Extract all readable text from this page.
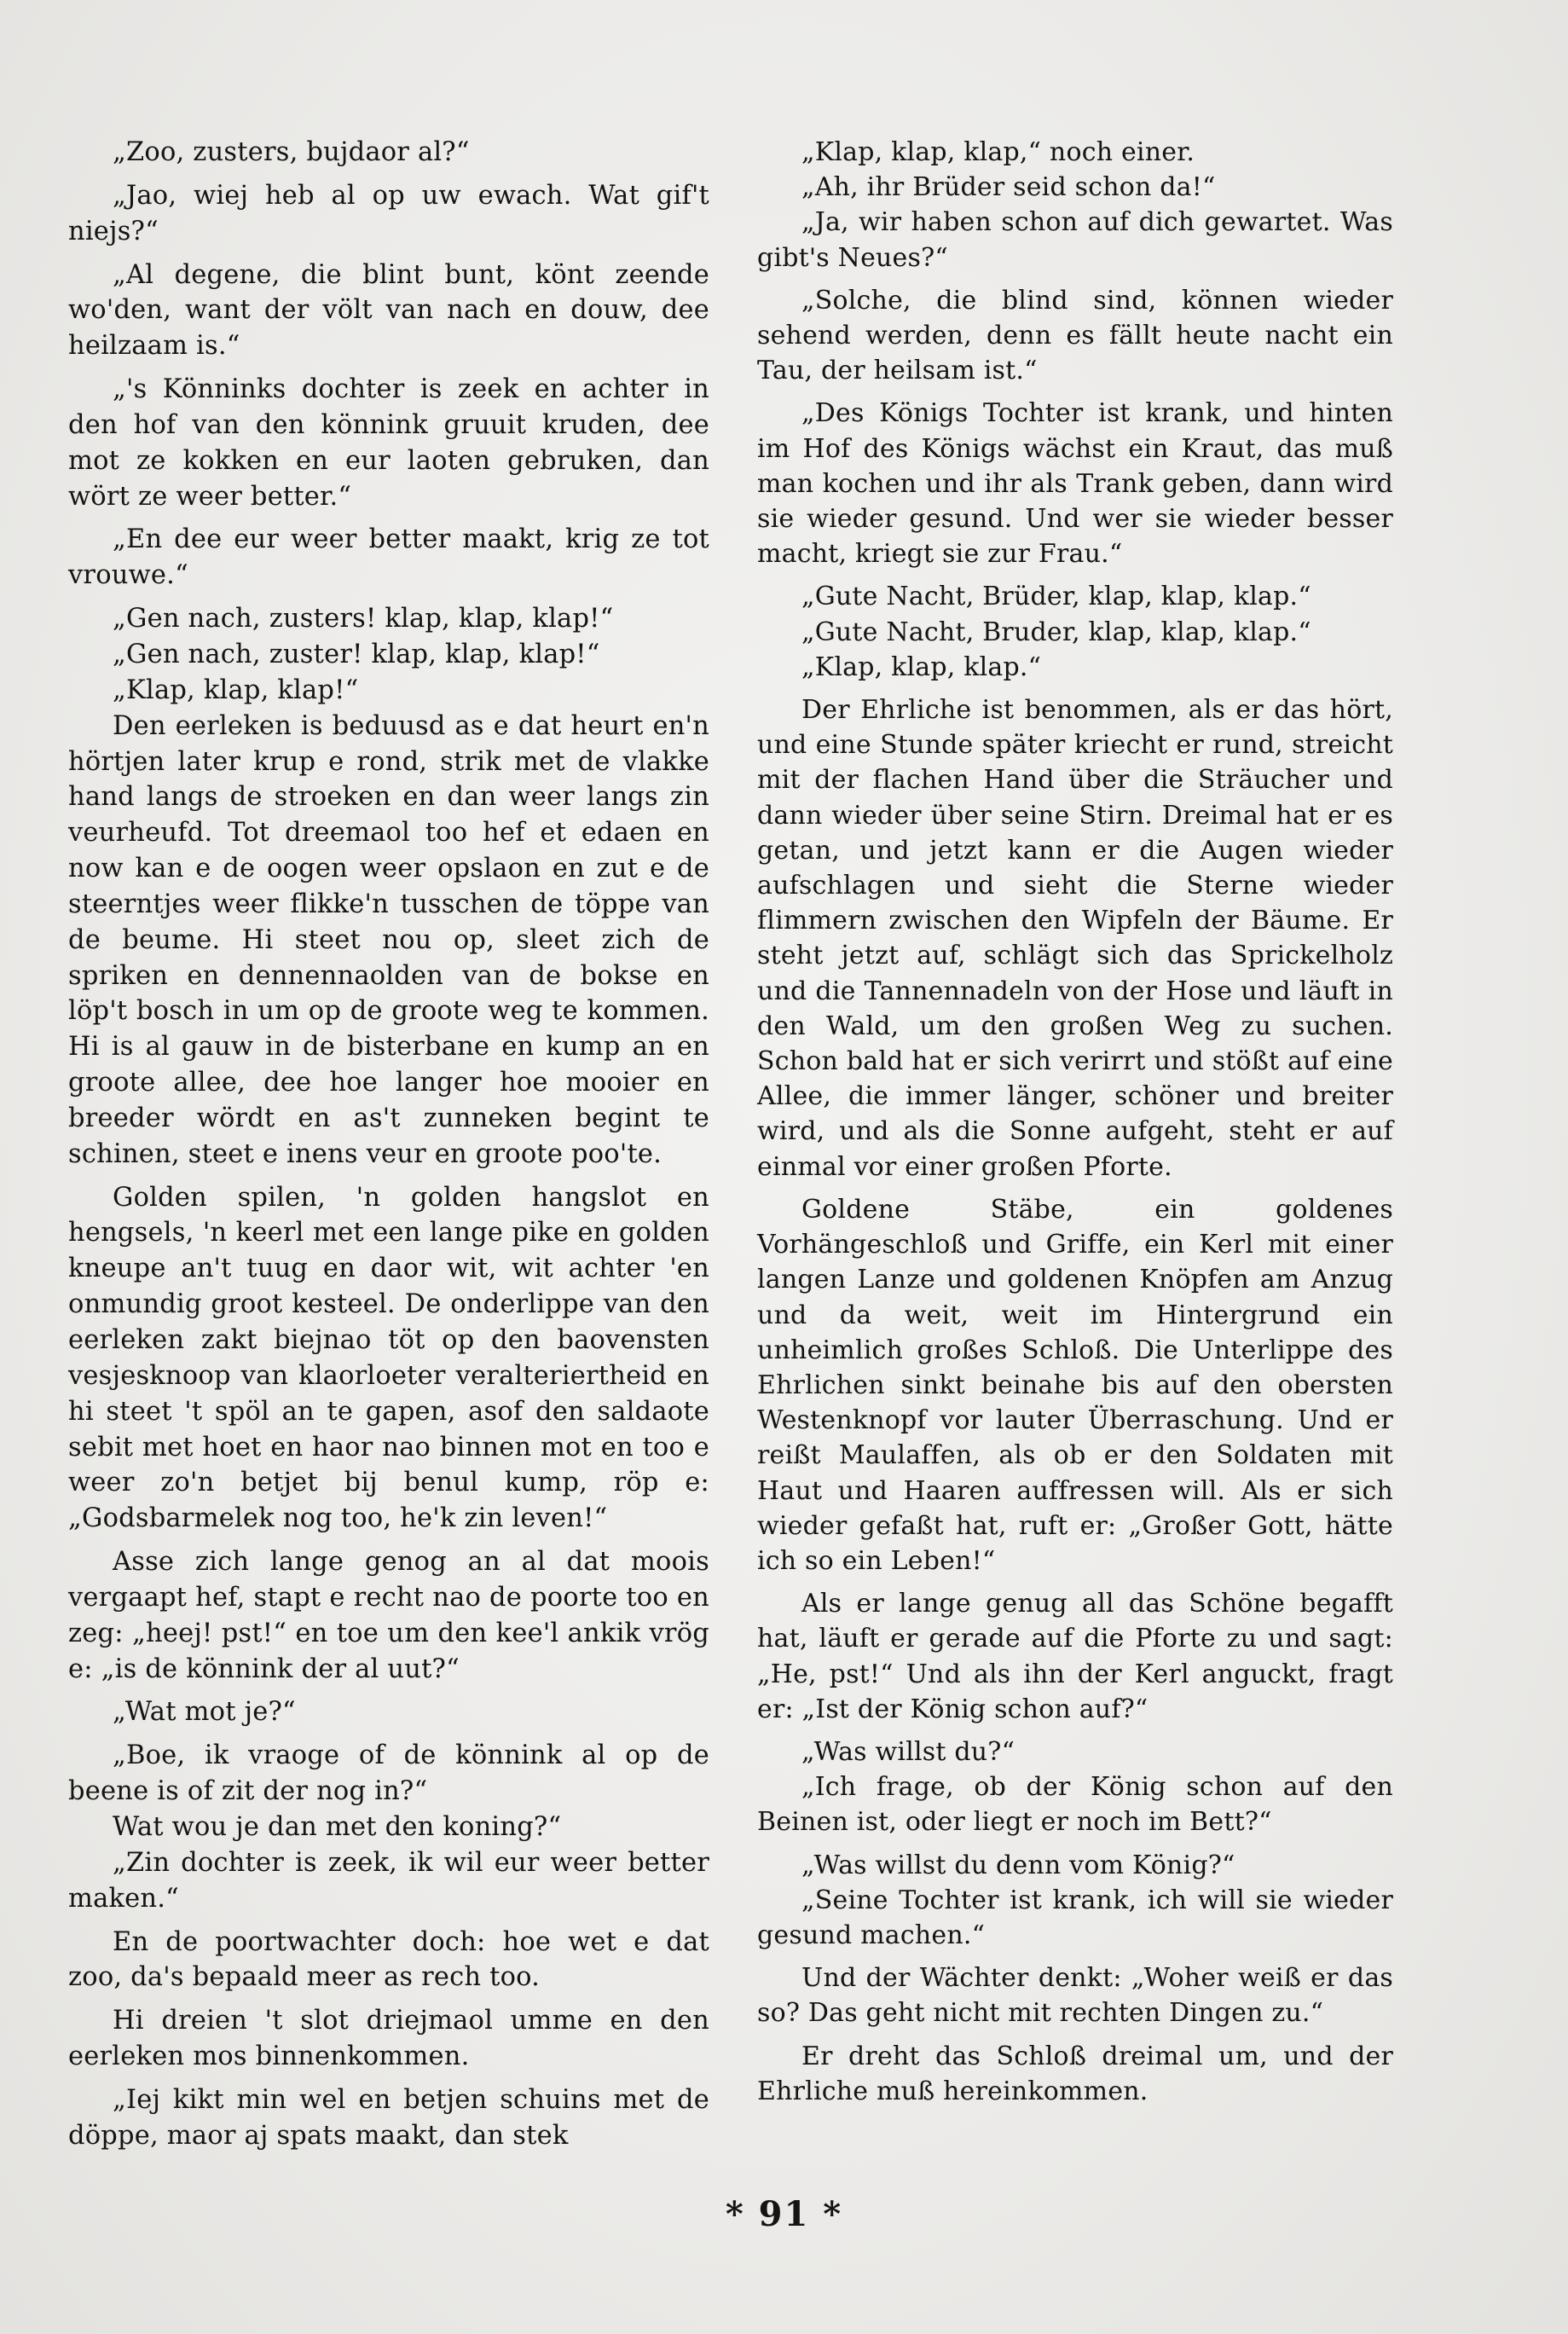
„Zoo, zusters, bujdaor al?“

„Jao, wiej heb al op uw ewach. Wat gif't niejs?“

„Al degene, die blint bunt, könt zeende wo'den, want der völt van nach en douw, dee heilzaam is.“

„'s Könninks dochter is zeek en achter in den hof van den könnink gruuit kruden, dee mot ze kokken en eur laoten gebruken, dan wört ze weer better.“

„En dee eur weer better maakt, krig ze tot vrouwe.“

„Gen nach, zusters! klap, klap, klap!“

„Gen nach, zuster! klap, klap, klap!“

„Klap, klap, klap!“

Den eerleken is beduusd as e dat heurt en'n hörtjen later krup e rond, strik met de vlakke hand langs de stroeken en dan weer langs zin veurheufd. Tot dreemaol too hef et edaen en now kan e de oogen weer opslaon en zut e de steerntjes weer flikke'n tusschen de töppe van de beume. Hi steet nou op, sleet zich de spriken en dennennaolden van de bokse en löp't bosch in um op de groote weg te kommen. Hi is al gauw in de bisterbane en kump an en groote allee, dee hoe langer hoe mooier en breeder wördt en as't zunneken begint te schinen, steet e inens veur en groote poo'te.

Golden spilen, 'n golden hangslot en hengsels, 'n keerl met een lange pike en golden kneupe an't tuug en daor wit, wit achter 'en onmundig groot kesteel. De onderlippe van den eerleken zakt biejnao töt op den baovensten vesjesknoop van klaorloeter veralteriertheid en hi steet 't spöl an te gapen, asof den saldaote sebit met hoet en haor nao binnen mot en too e weer zo'n betjet bij benul kump, röp e: „Godsbarmelek nog too, he'k zin leven!“

Asse zich lange genog an al dat moois vergaapt hef, stapt e recht nao de poorte too en zeg: „heej! pst!“ en toe um den kee'l ankik vrög e: „is de könnink der al uut?“

„Wat mot je?“

„Boe, ik vraoge of de könnink al op de beene is of zit der nog in?“

Wat wou je dan met den koning?“

„Zin dochter is zeek, ik wil eur weer better maken.“

En de poortwachter doch: hoe wet e dat zoo, da's bepaald meer as rech too.

Hi dreien 't slot driejmaol umme en den eerleken mos binnenkommen.

„Iej kikt min wel en betjen schuins met de döppe, maor aj spats maakt, dan stek

„Klap, klap, klap,“ noch einer.

„Ah, ihr Brüder seid schon da!“

„Ja, wir haben schon auf dich gewartet. Was gibt's Neues?“

„Solche, die blind sind, können wieder sehend werden, denn es fällt heute nacht ein Tau, der heilsam ist.“

„Des Königs Tochter ist krank, und hinten im Hof des Königs wächst ein Kraut, das muß man kochen und ihr als Trank geben, dann wird sie wieder gesund. Und wer sie wieder besser macht, kriegt sie zur Frau.“

„Gute Nacht, Brüder, klap, klap, klap.“

„Gute Nacht, Bruder, klap, klap, klap.“

„Klap, klap, klap.“

Der Ehrliche ist benommen, als er das hört, und eine Stunde später kriecht er rund, streicht mit der flachen Hand über die Sträucher und dann wieder über seine Stirn. Dreimal hat er es getan, und jetzt kann er die Augen wieder aufschlagen und sieht die Sterne wieder flimmern zwischen den Wipfeln der Bäume. Er steht jetzt auf, schlägt sich das Sprickelholz und die Tannennadeln von der Hose und läuft in den Wald, um den großen Weg zu suchen. Schon bald hat er sich verirrt und stößt auf eine Allee, die immer länger, schöner und breiter wird, und als die Sonne aufgeht, steht er auf einmal vor einer großen Pforte.

Goldene Stäbe, ein goldenes Vorhängeschloß und Griffe, ein Kerl mit einer langen Lanze und goldenen Knöpfen am Anzug und da weit, weit im Hintergrund ein unheimlich großes Schloß. Die Unterlippe des Ehrlichen sinkt beinahe bis auf den obersten Westenknopf vor lauter Überraschung. Und er reißt Maulaffen, als ob er den Soldaten mit Haut und Haaren auffressen will. Als er sich wieder gefaßt hat, ruft er: „Großer Gott, hätte ich so ein Leben!“

Als er lange genug all das Schöne begafft hat, läuft er gerade auf die Pforte zu und sagt: „He, pst!“ Und als ihn der Kerl anguckt, fragt er: „Ist der König schon auf?“

„Was willst du?“

„Ich frage, ob der König schon auf den Beinen ist, oder liegt er noch im Bett?“

„Was willst du denn vom König?“

„Seine Tochter ist krank, ich will sie wieder gesund machen.“

Und der Wächter denkt: „Woher weiß er das so? Das geht nicht mit rechten Dingen zu.“

Er dreht das Schloß dreimal um, und der Ehrliche muß hereinkommen.

* 91 *
